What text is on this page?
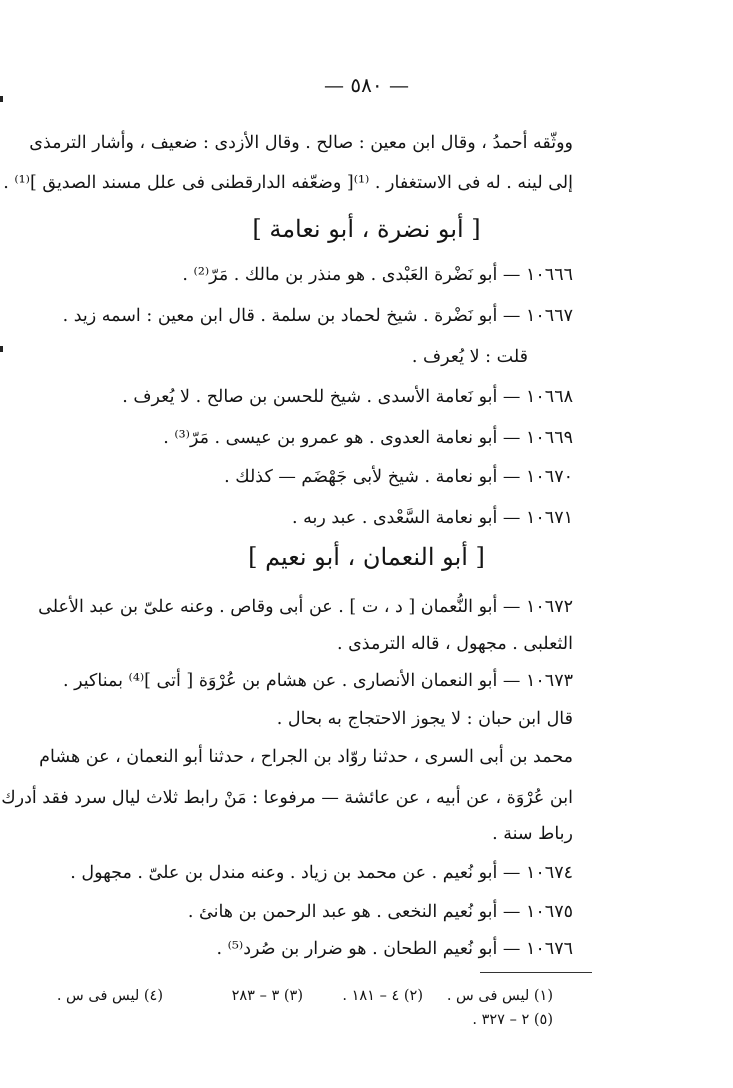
— ٥٨٠ —
ووثّقه أحمدُ ، وقال ابن معين : صالح . وقال الأزدى : ضعيف ، وأشار الترمذى
إلى لينه . له فى الاستغفار . ⁽¹⁾[ وضعّفه الدارقطنى فى علل مسند الصديق ]⁽¹⁾ .
[ أبو نضرة ، أبو نعامة ]
١٠٦٦٦ — أبو نَضْرة العَبْدى . هو منذر بن مالك . مَرّ⁽²⁾ .
١٠٦٦٧ — أبو نَضْرة . شيخ لحماد بن سلمة . قال ابن معين : اسمه زيد .
قلت : لا يُعرف .
١٠٦٦٨ — أبو نَعامة الأسدى . شيخ للحسن بن صالح . لا يُعرف .
١٠٦٦٩ — أبو نعامة العدوى . هو عمرو بن عيسى . مَرّ⁽³⁾ .
١٠٦٧٠ — أبو نعامة . شيخ لأبى جَهْضَم — كذلك .
١٠٦٧١ — أبو نعامة السَّعْدى . عبد ربه .
[ أبو النعمان ، أبو نعيم ]
١٠٦٧٢ — أبو النُّعمان [ د ، ت ] . عن أبى وقاص . وعنه علىّ بن عبد الأعلى
الثعلبى . مجهول ، قاله الترمذى .
١٠٦٧٣ — أبو النعمان الأنصارى . عن هشام بن عُرْوَة [ أتى ]⁽⁴⁾ بمناكير .
قال ابن حبان : لا يجوز الاحتجاج به بحال .
محمد بن أبى السرى ، حدثنا روّاد بن الجراح ، حدثنا أبو النعمان ، عن هشام
ابن عُرْوَة ، عن أبيه ، عن عائشة — مرفوعا : مَنْ رابط ثلاث ليال سرد فقد أدرك
رباط سنة .
١٠٦٧٤ — أبو نُعيم . عن محمد بن زياد . وعنه مندل بن علىّ . مجهول .
١٠٦٧٥ — أبو نُعيم النخعى . هو عبد الرحمن بن هانئ .
١٠٦٧٦ — أبو نُعيم الطحان . هو ضرار بن صُرد⁽⁵⁾ .
(١) ليس فى س .
(٢) ٤ – ١٨١ .
(٣) ٣ – ٢٨٣
(٤) ليس فى س .
(٥) ٢ – ٣٢٧ .
